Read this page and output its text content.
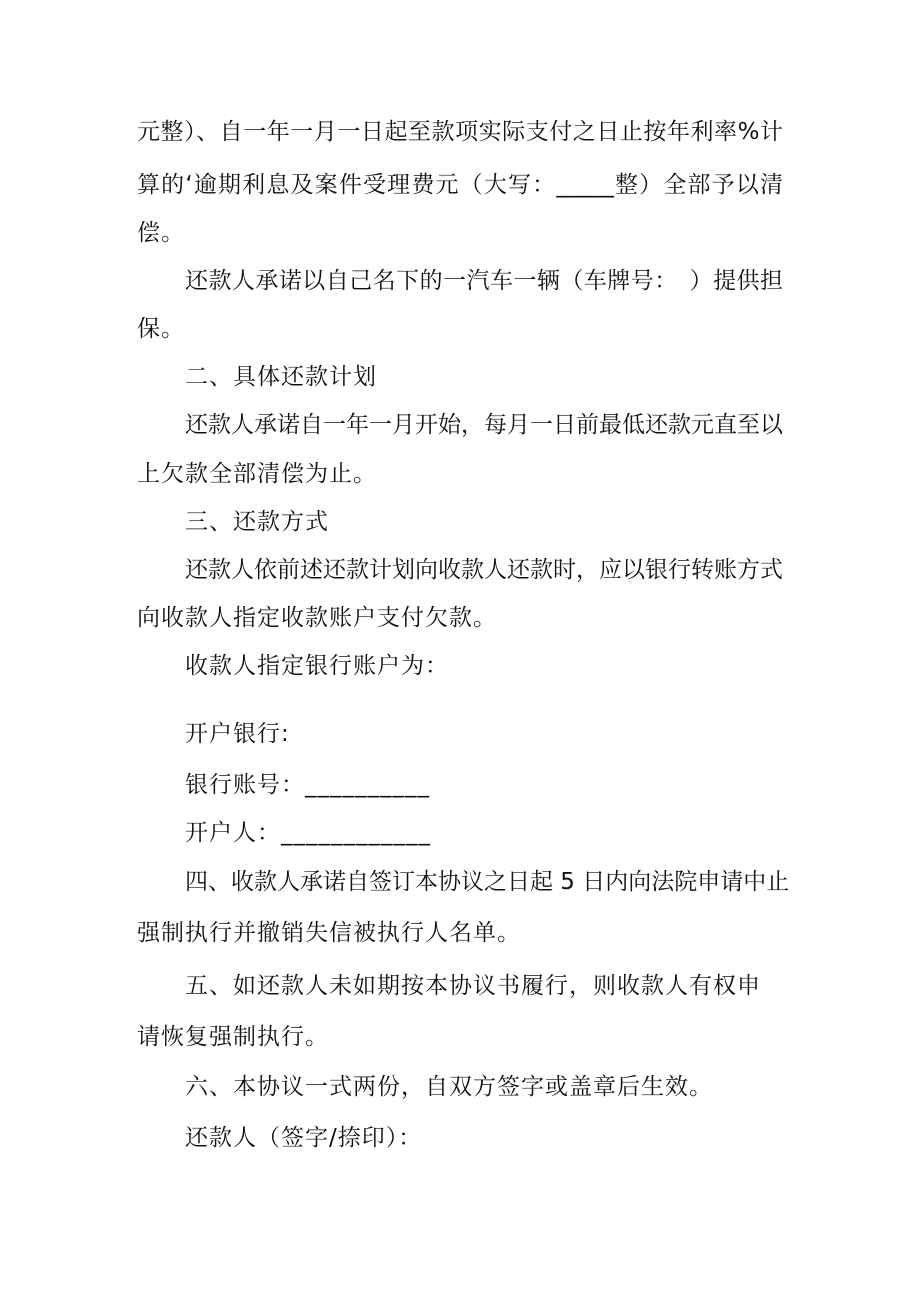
元整）、自一年一月一日起至款项实际支付之日止按年利率%计

算的‘逾期利息及案件受理费元（大写：_____整）全部予以清

偿。

还款人承诺以自己名下的一汽车一辆（车牌号：　）提供担

保。

二、具体还款计划

还款人承诺自一年一月开始，每月一日前最低还款元直至以

上欠款全部清偿为止。

三、还款方式

还款人依前述还款计划向收款人还款时，应以银行转账方式

向收款人指定收款账户支付欠款。

收款人指定银行账户为：

开户银行:

银行账号：__________

开户人：____________

四、收款人承诺自签订本协议之日起 5 日内向法院申请中止

强制执行并撤销失信被执行人名单。

五、如还款人未如期按本协议书履行，则收款人有权申

请恢复强制执行。

六、本协议一式两份，自双方签字或盖章后生效。

还款人（签字/捺印）：
